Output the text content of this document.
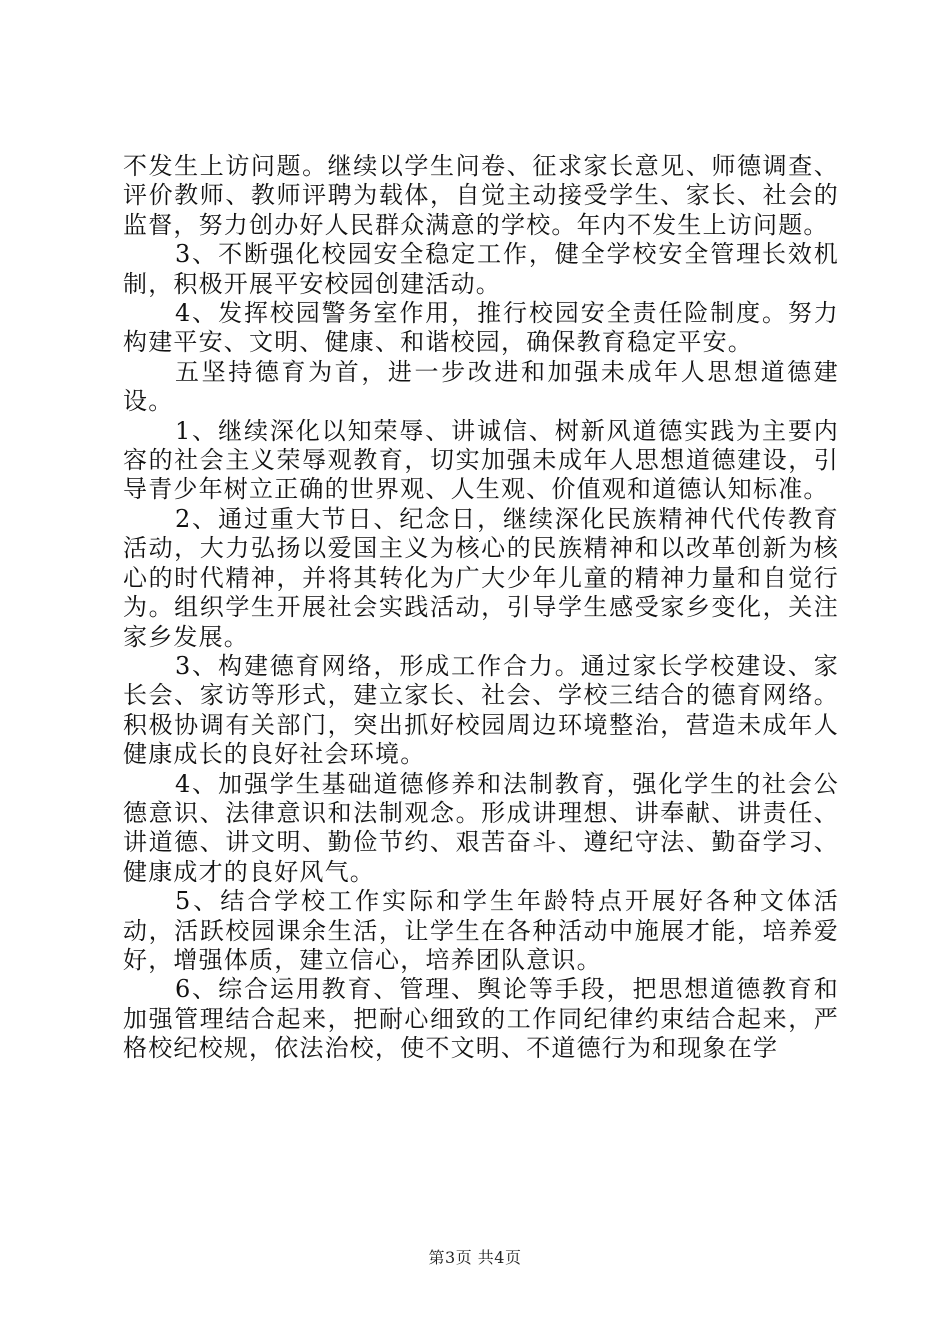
不发生上访问题。继续以学生问卷、征求家长意见、师德调查、评价教师、教师评聘为载体，自觉主动接受学生、家长、社会的监督，努力创办好人民群众满意的学校。年内不发生上访问题。

3、不断强化校园安全稳定工作，健全学校安全管理长效机制，积极开展平安校园创建活动。

4、发挥校园警务室作用，推行校园安全责任险制度。努力构建平安、文明、健康、和谐校园，确保教育稳定平安。

五坚持德育为首，进一步改进和加强未成年人思想道德建设。

1、继续深化以知荣辱、讲诚信、树新风道德实践为主要内容的社会主义荣辱观教育，切实加强未成年人思想道德建设，引导青少年树立正确的世界观、人生观、价值观和道德认知标准。

2、通过重大节日、纪念日，继续深化民族精神代代传教育活动，大力弘扬以爱国主义为核心的民族精神和以改革创新为核心的时代精神，并将其转化为广大少年儿童的精神力量和自觉行为。组织学生开展社会实践活动，引导学生感受家乡变化，关注家乡发展。

3、构建德育网络，形成工作合力。通过家长学校建设、家长会、家访等形式，建立家长、社会、学校三结合的德育网络。积极协调有关部门，突出抓好校园周边环境整治，营造未成年人健康成长的良好社会环境。

4、加强学生基础道德修养和法制教育，强化学生的社会公德意识、法律意识和法制观念。形成讲理想、讲奉献、讲责任、讲道德、讲文明、勤俭节约、艰苦奋斗、遵纪守法、勤奋学习、健康成才的良好风气。

5、结合学校工作实际和学生年龄特点开展好各种文体活动，活跃校园课余生活，让学生在各种活动中施展才能，培养爱好，增强体质，建立信心，培养团队意识。

6、综合运用教育、管理、舆论等手段，把思想道德教育和加强管理结合起来，把耐心细致的工作同纪律约束结合起来，严格校纪校规，依法治校，使不文明、不道德行为和现象在学

第3页 共4页
